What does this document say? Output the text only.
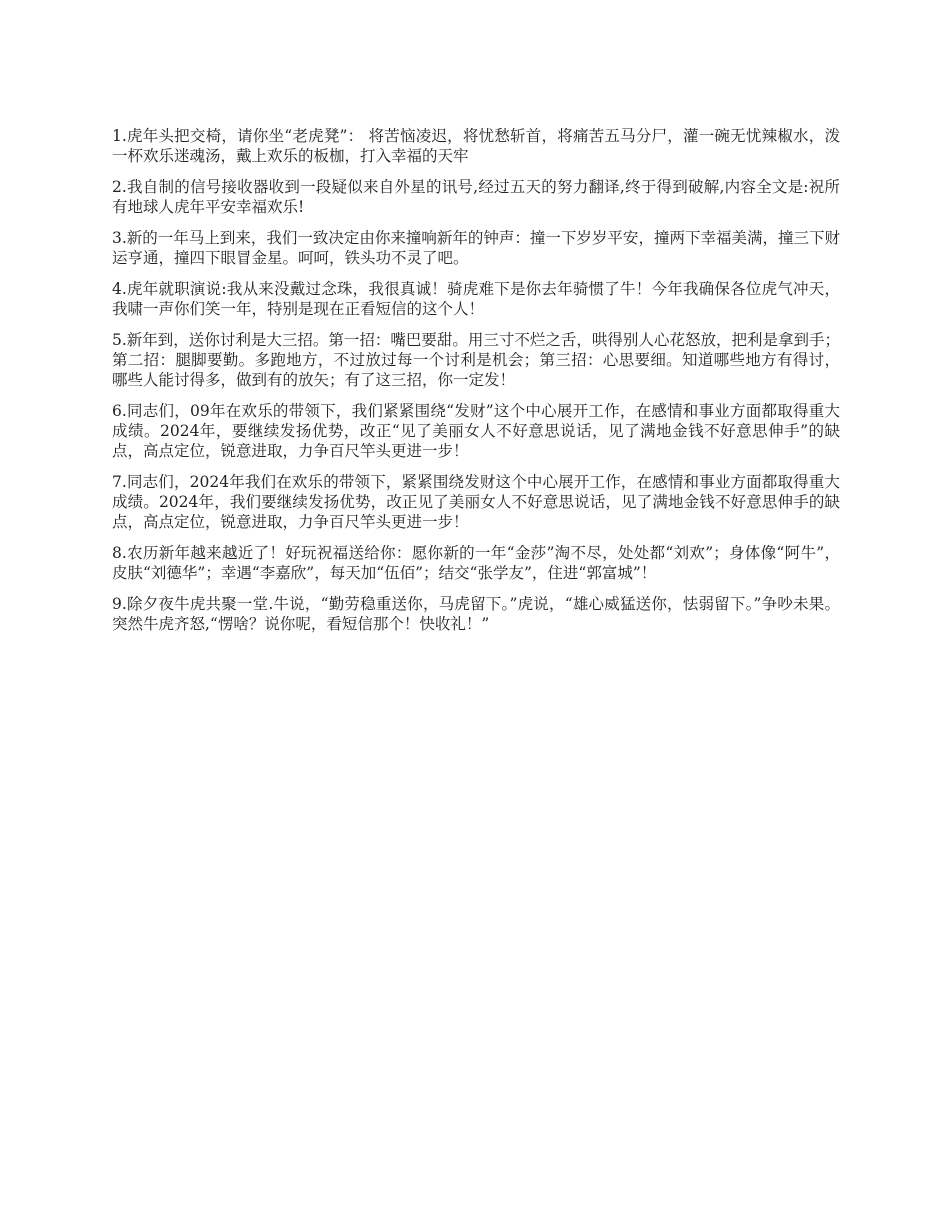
1.虎年头把交椅，请你坐“老虎凳”： 将苦恼凌迟，将忧愁斩首，将痛苦五马分尸，灌一碗无忧辣椒水，泼一杯欢乐迷魂汤，戴上欢乐的板枷，打入幸福的天牢

2.我自制的信号接收器收到一段疑似来自外星的讯号,经过五天的努力翻译,终于得到破解,内容全文是:祝所有地球人虎年平安幸福欢乐!

3.新的一年马上到来，我们一致决定由你来撞响新年的钟声：撞一下岁岁平安，撞两下幸福美满，撞三下财运亨通，撞四下眼冒金星。呵呵，铁头功不灵了吧。

4.虎年就职演说:我从来没戴过念珠，我很真诚！骑虎难下是你去年骑惯了牛！今年我确保各位虎气冲天，我啸一声你们笑一年，特别是现在正看短信的这个人！

5.新年到，送你讨利是大三招。第一招：嘴巴要甜。用三寸不烂之舌，哄得别人心花怒放，把利是拿到手；第二招：腿脚要勤。多跑地方，不过放过每一个讨利是机会；第三招：心思要细。知道哪些地方有得讨，哪些人能讨得多，做到有的放矢；有了这三招，你一定发！

6.同志们，09年在欢乐的带领下，我们紧紧围绕“发财”这个中心展开工作，在感情和事业方面都取得重大成绩。2024年，要继续发扬优势，改正“见了美丽女人不好意思说话，见了满地金钱不好意思伸手”的缺点，高点定位，锐意进取，力争百尺竿头更进一步！

7.同志们，2024年我们在欢乐的带领下，紧紧围绕发财这个中心展开工作，在感情和事业方面都取得重大成绩。2024年，我们要继续发扬优势，改正见了美丽女人不好意思说话，见了满地金钱不好意思伸手的缺点，高点定位，锐意进取，力争百尺竿头更进一步！

8.农历新年越来越近了！好玩祝福送给你：愿你新的一年“金莎”淘不尽，处处都“刘欢”；身体像“阿牛”，皮肤“刘德华”；幸遇“李嘉欣”，每天加“伍佰”；结交“张学友”，住进“郭富城”！

9.除夕夜牛虎共聚一堂.牛说，“勤劳稳重送你，马虎留下。”虎说，“雄心威猛送你，怯弱留下。”争吵未果。突然牛虎齐怒,“愣啥？说你呢，看短信那个！快收礼！”
